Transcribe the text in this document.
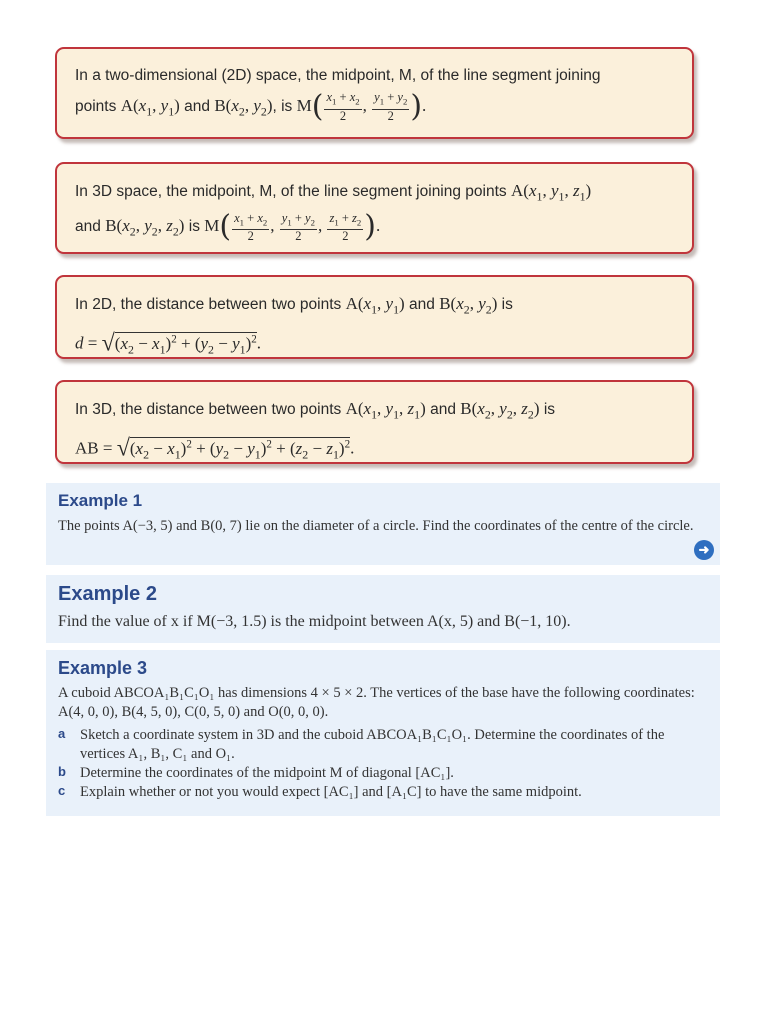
In a two-dimensional (2D) space, the midpoint, M, of the line segment joining
points $A(x_1$, $y_1$) and $B(x_2$, $y_2$), is $M( \frac{x_1 + x_2}{2}$ , $\frac{y_1 + y_2}{2}$ ).
In 3D space, the midpoint, M, of the line segment joining points $A(x_1$, $y_1$, $z_1$)
and $B(x_2$, $y_2$, $z_2$) is $M( \frac{x_1 + x_2}{2}$ , $\frac{y_1 + y_2}{2}$ , $\frac{z_1 + z_2}{2}$ ).
In 2D, the distance between two points $A(x_1$, $y_1$) and $B(x_2$, $y_2$) is
$d = √(x_2 - x_1)^2 + (y_2 - y_1)^2$.
In 3D, the distance between two points $A(x_1$, $y_1$, $z_1$) and $B(x_2$, $y_2$, $z_2$) is
AB = $√(x_2 - x_1)^2 + (y_2 - y_1)^2 + (z_2 - z_1)^2$.
Example 1
The points A(−3, 5) and B(0, 7) lie on the diameter of a circle. Find the coordinates of the centre of the circle.
➜
Example 2
Find the value of x if M(−3, 1.5) is the midpoint between A(x, 5) and B(−1, 10).
Example 3
A cuboid ABCOA₁B₁C₁O₁ has dimensions 4 × 5 × 2. The vertices of the base have the following coordinates: A(4, 0, 0), B(4, 5, 0), C(0, 5, 0) and O(0, 0, 0).
a	Sketch a coordinate system in 3D and the cuboid ABCOA₁B₁C₁O₁. Determine the coordinates of the vertices A₁, B₁, C₁ and O₁.
b Determine the coordinates of the midpoint M of diagonal [AC₁].
c	Explain whether or not you would expect [AC₁] and [A₁C] to have the same midpoint.
